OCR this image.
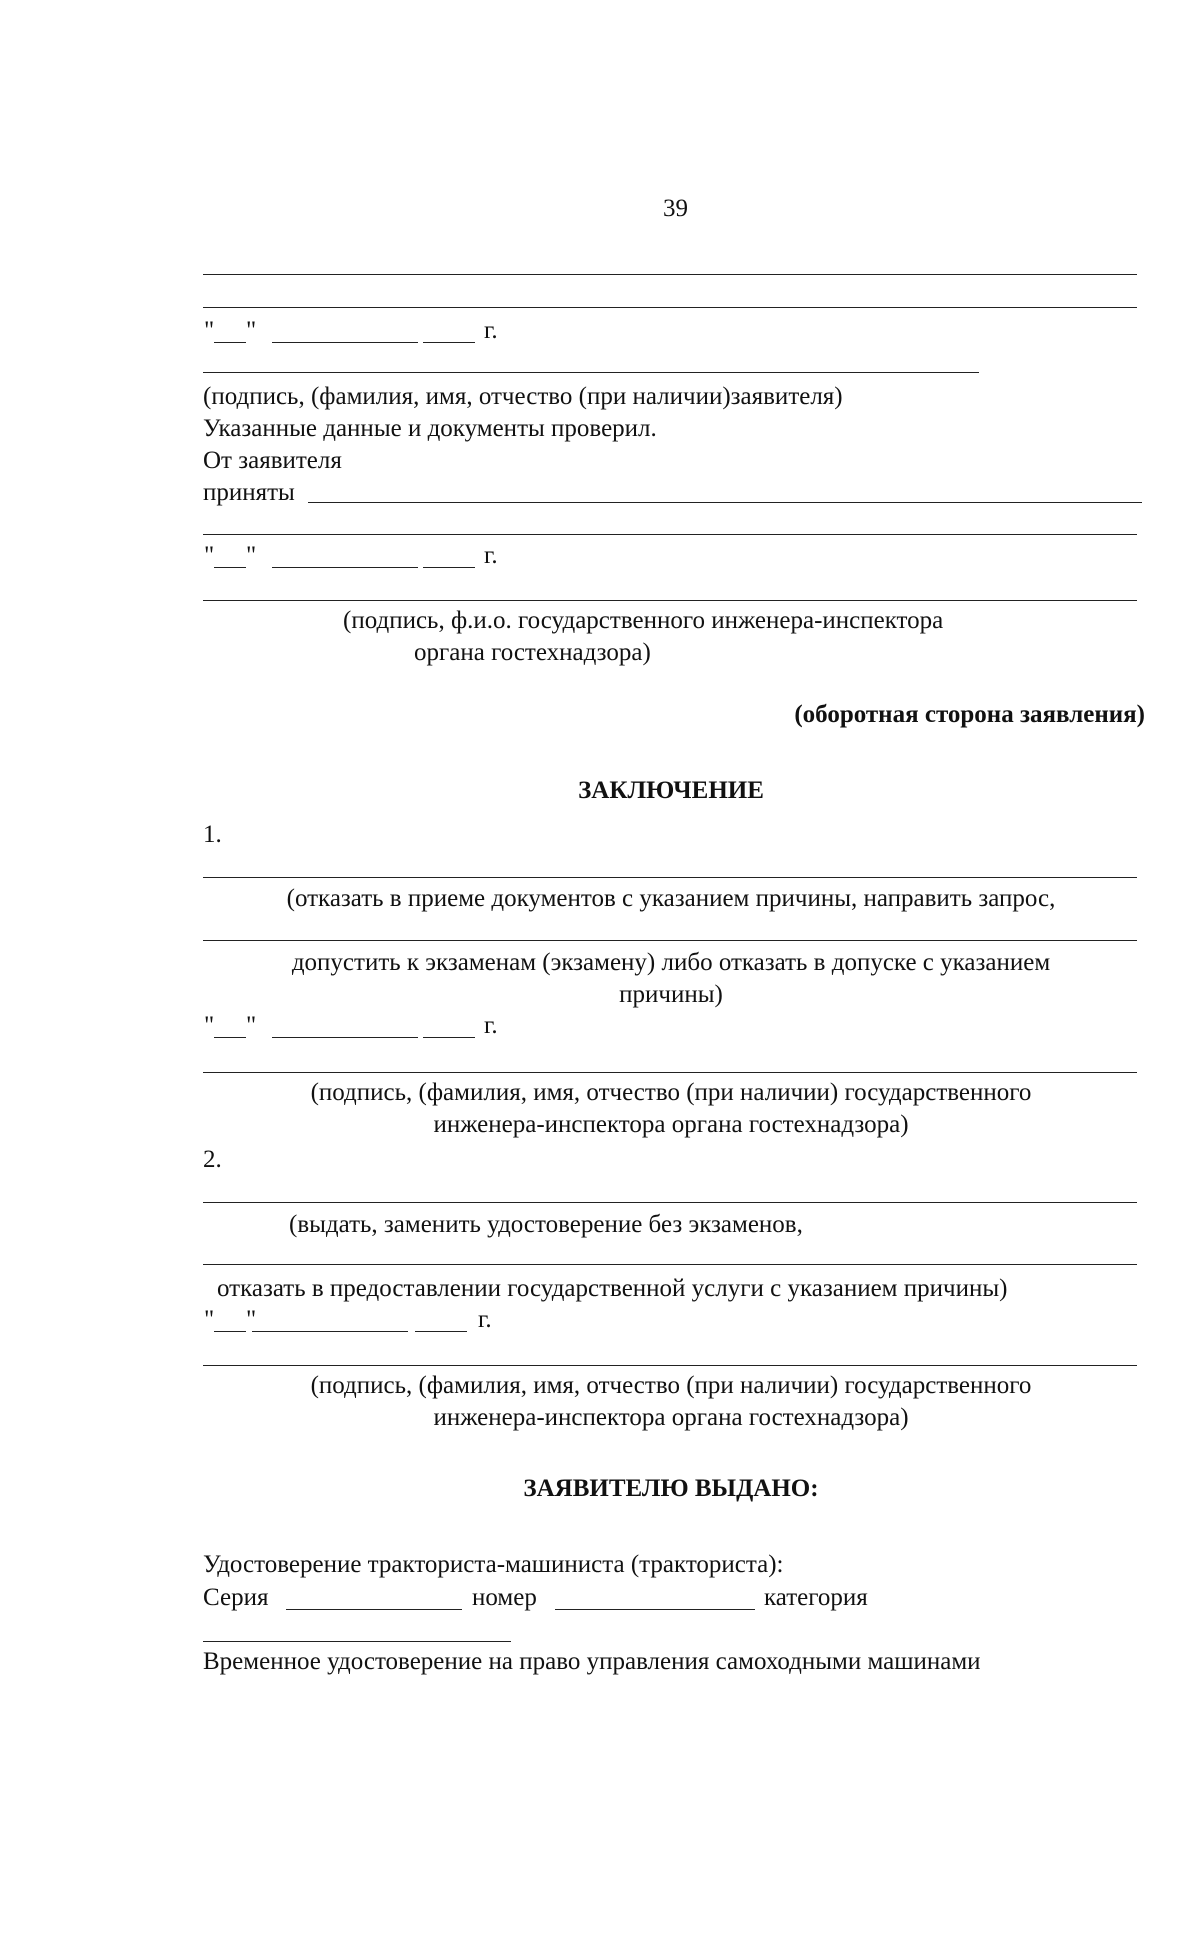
39
" "	г.
(подпись, (фамилия, имя, отчество (при наличии)заявителя)
Указанные данные и документы проверил.
От заявителя
приняты
" "	г.
(подпись, ф.и.о. государственного инженера-инспектора
органа гостехнадзора)
(оборотная сторона заявления)
ЗАКЛЮЧЕНИЕ
1.
(отказать в приеме документов с указанием причины, направить запрос,
допустить к экзаменам (экзамену) либо отказать в допуске с указанием
причины)
" "	г.
(подпись, (фамилия, имя, отчество (при наличии) государственного
инженера-инспектора органа гостехнадзора)
2.
(выдать, заменить удостоверение без экзаменов,
отказать в предоставлении государственной услуги с указанием причины)
" "	г.
(подпись, (фамилия, имя, отчество (при наличии) государственного
инженера-инспектора органа гостехнадзора)
ЗАЯВИТЕЛЮ ВЫДАНО:
Удостоверение тракториста-машиниста (тракториста):
Серия	номер	категория
Временное удостоверение на право управления самоходными машинами
